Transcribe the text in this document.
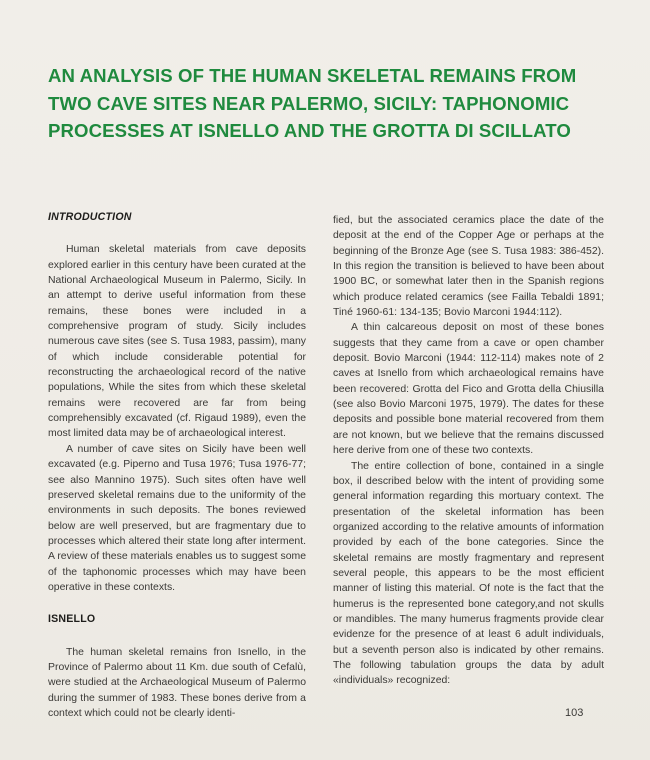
AN ANALYSIS OF THE HUMAN SKELETAL REMAINS FROM
TWO CAVE SITES NEAR PALERMO, SICILY: TAPHONOMIC
PROCESSES AT ISNELLO AND THE GROTTA DI SCILLATO
INTRODUCTION

Human skeletal materials from cave deposits explored earlier in this century have been curated at the National Archaeological Museum in Palermo, Sicily. In an attempt to derive useful information from these remains, these bones were included in a comprehensive program of study. Sicily includes numerous cave sites (see S. Tusa 1983, passim), many of which include considerable potential for reconstructing the archaeological record of the native populations, While the sites from which these skeletal remains were recovered are far from being comprehensibly excavated (cf. Rigaud 1989), even the most limited data may be of archaeological interest.

A number of cave sites on Sicily have been well excavated (e.g. Piperno and Tusa 1976; Tusa 1976-77; see also Mannino 1975). Such sites often have well preserved skeletal remains due to the uniformity of the environments in such deposits. The bones reviewed below are well preserved, but are fragmentary due to processes which altered their state long after interment. A review of these materials enables us to suggest some of the taphonomic processes which may have been operative in these contexts.

ISNELLO

The human skeletal remains fron Isnello, in the Province of Palermo about 11 Km. due south of Cefalù, were studied at the Archaeological Museum of Palermo during the summer of 1983. These bones derive from a context which could not be clearly identi-

fied, but the associated ceramics place the date of the deposit at the end of the Copper Age or perhaps at the beginning of the Bronze Age (see S. Tusa 1983: 386-452). In this region the transition is believed to have been about 1900 BC, or somewhat later then in the Spanish regions which produce related ceramics (see Failla Tebaldi 1891; Tiné 1960-61: 134-135; Bovio Marconi 1944:112).

A thin calcareous deposit on most of these bones suggests that they came from a cave or open chamber deposit. Bovio Marconi (1944: 112-114) makes note of 2 caves at Isnello from which archaeological remains have been recovered: Grotta del Fico and Grotta della Chiusilla (see also Bovio Marconi 1975, 1979). The dates for these deposits and possible bone material recovered from them are not known, but we believe that the remains discussed here derive from one of these two contexts.

The entire collection of bone, contained in a single box, il described below with the intent of providing some general information regarding this mortuary context. The presentation of the skeletal information has been organized according to the relative amounts of information provided by each of the bone categories. Since the skeletal remains are mostly fragmentary and represent several people, this appears to be the most efficient manner of listing this material. Of note is the fact that the humerus is the represented bone category,and not skulls or mandibles. The many humerus fragments provide clear evidenze for the presence of at least 6 adult individuals, but a seventh person also is indicated by other remains. The following tabulation groups the data by adult «individuals» recognized:

103
